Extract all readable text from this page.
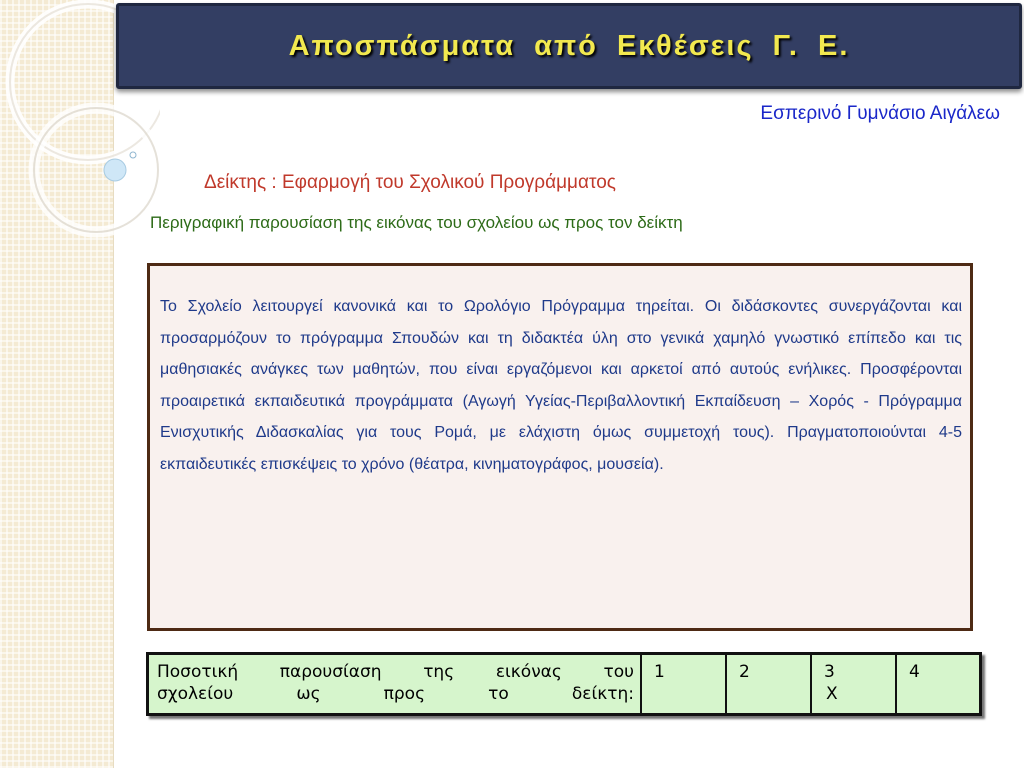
Αποσπάσματα από Εκθέσεις Γ. Ε.
Εσπερινό Γυμνάσιο Αιγάλεω
Δείκτης : Εφαρμογή του Σχολικού Προγράμματος
Περιγραφική παρουσίαση της εικόνας του σχολείου ως προς τον δείκτη

Το Σχολείο λειτουργεί κανονικά και το Ωρολόγιο Πρόγραμμα τηρείται. Οι διδάσκοντες συνεργάζονται και προσαρμόζουν το πρόγραμμα Σπουδών και τη διδακτέα ύλη στο γενικά χαμηλό γνωστικό επίπεδο και τις μαθησιακές ανάγκες των μαθητών, που είναι εργαζόμενοι και αρκετοί από αυτούς ενήλικες. Προσφέρονται προαιρετικά εκπαιδευτικά προγράμματα (Αγωγή Υγείας-Περιβαλλοντική Εκπαίδευση – Χορός - Πρόγραμμα Ενισχυτικής Διδασκαλίας για τους Ρομά, με ελάχιστη όμως συμμετοχή τους). Πραγματοποιούνται 4-5 εκπαιδευτικές επισκέψεις το χρόνο (θέατρα, κινηματογράφος, μουσεία).

Ποσοτική παρουσίαση της εικόνας του
σχολείου ως προς το δείκτη:
1	2	3
Χ
4
